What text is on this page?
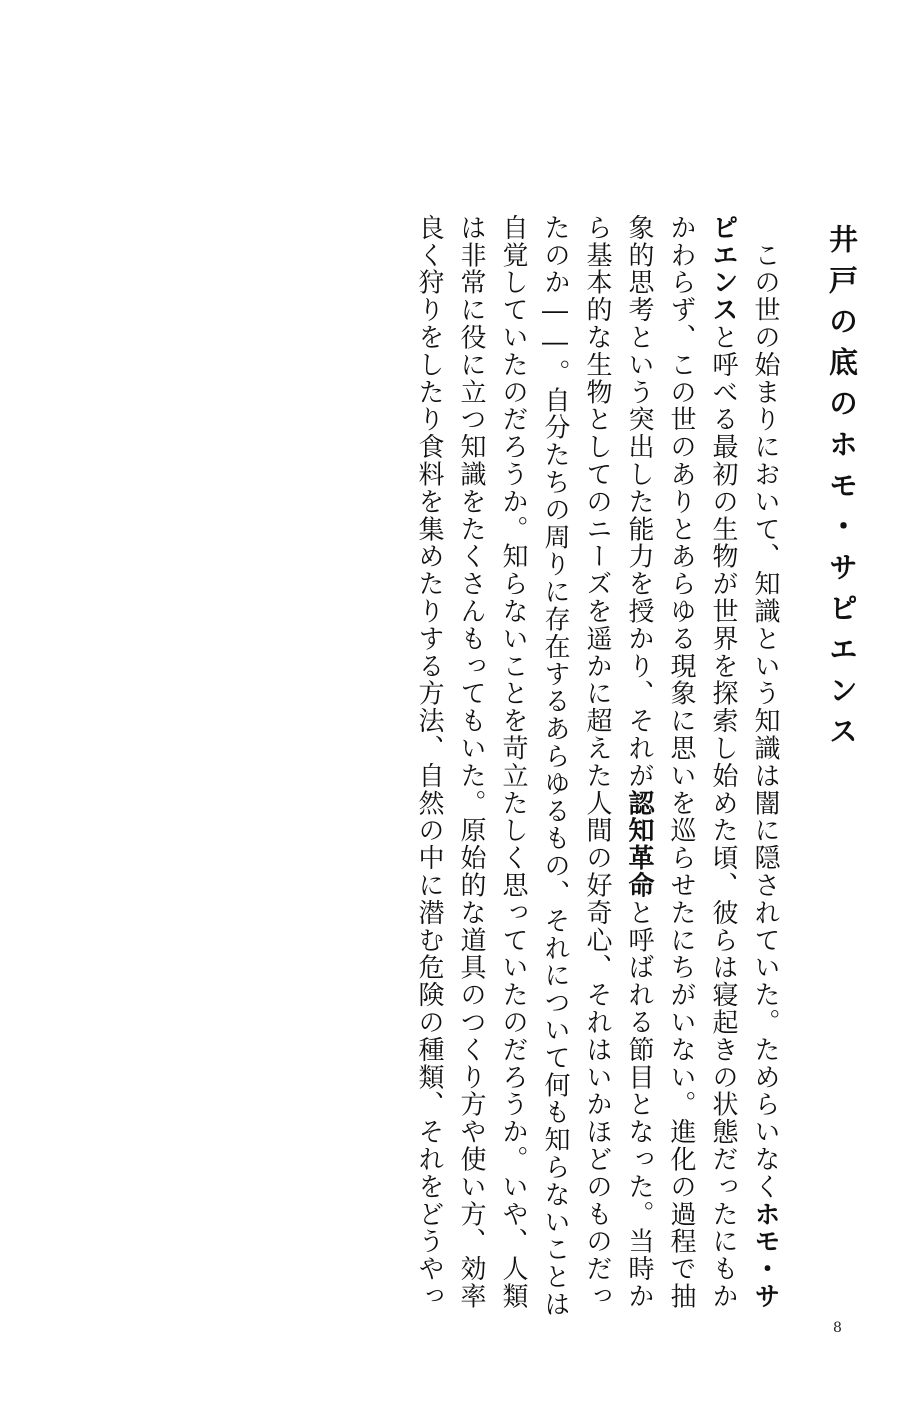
井戸の底のホモ・サピエンス
　この世の始まりにおいて、知識という知識は闇に隠されていた。ためらいなくホモ・サ
ピエンスと呼べる最初の生物が世界を探索し始めた頃、彼らは寝起きの状態だったにもか
かわらず、この世のありとあらゆる現象に思いを巡らせたにちがいない。進化の過程で抽
象的思考という突出した能力を授かり、それが認知革命と呼ばれる節目となった。当時か
ら基本的な生物としてのニーズを遥かに超えた人間の好奇心、それはいかほどのものだっ
たのか――。自分たちの周りに存在するあらゆるもの、それについて何も知らないことは
自覚していたのだろうか。知らないことを苛立たしく思っていたのだろうか。いや、人類
は非常に役に立つ知識をたくさんもってもいた。原始的な道具のつくり方や使い方、効率
良く狩りをしたり食料を集めたりする方法、自然の中に潜む危険の種類、それをどうやっ
8
